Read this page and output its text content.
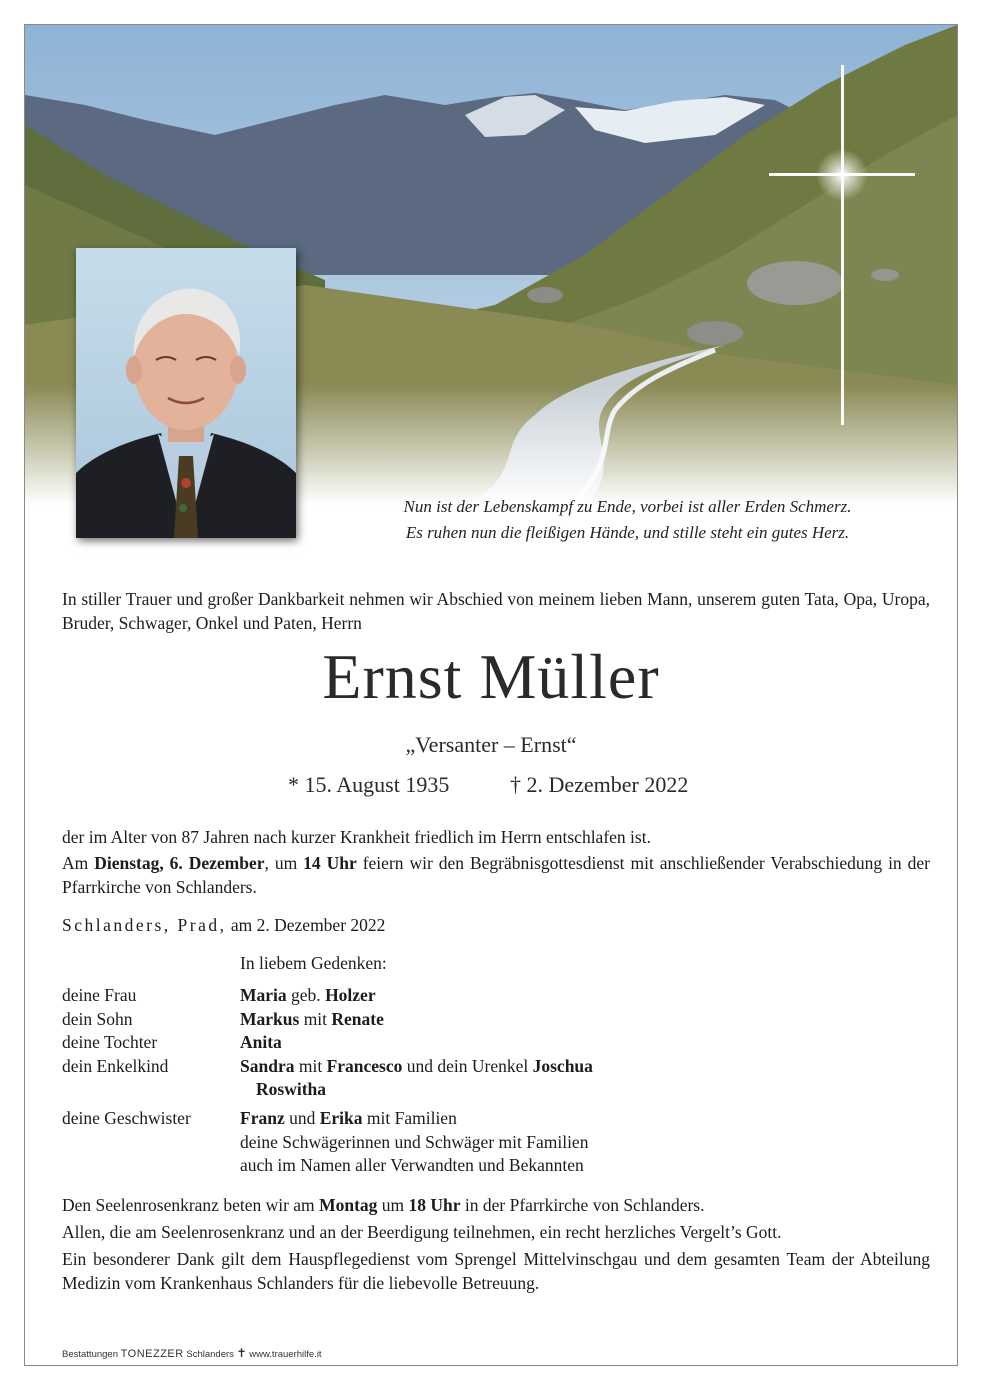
Nun ist der Lebenskampf zu Ende, vorbei ist aller Erden Schmerz.
Es ruhen nun die fleißigen Hände, und stille steht ein gutes Herz.
In stiller Trauer und großer Dankbarkeit nehmen wir Abschied von meinem lieben Mann, unserem guten Tata, Opa, Uropa, Bruder, Schwager, Onkel und Paten, Herrn
Ernst Müller
„Versanter – Ernst“
* 15. August 1935	† 2. Dezember 2022
der im Alter von 87 Jahren nach kurzer Krankheit friedlich im Herrn entschlafen ist.
Am Dienstag, 6. Dezember, um 14 Uhr feiern wir den Begräbnisgottesdienst mit anschließender Verabschiedung in der Pfarrkirche von Schlanders.
Schlanders, Prad, am 2. Dezember 2022
In liebem Gedenken:
deine Frau	Maria geb. Holzer
dein Sohn	Markus mit Renate
deine Tochter	Anita
dein Enkelkind	Sandra mit Francesco und dein Urenkel Joschua
Roswitha
deine Geschwister	Franz und Erika mit Familien
deine Schwägerinnen und Schwäger mit Familien
auch im Namen aller Verwandten und Bekannten
Den Seelenrosenkranz beten wir am Montag um 18 Uhr in der Pfarrkirche von Schlanders.
Allen, die am Seelenrosenkranz und an der Beerdigung teilnehmen, ein recht herzliches Vergelt’s Gott.
Ein besonderer Dank gilt dem Hauspflegedienst vom Sprengel Mittelvinschgau und dem gesamten Team der Abteilung Medizin vom Krankenhaus Schlanders für die liebevolle Betreuung.
Bestattungen TONEZZER Schlanders ✝︎ www.trauerhilfe.it
